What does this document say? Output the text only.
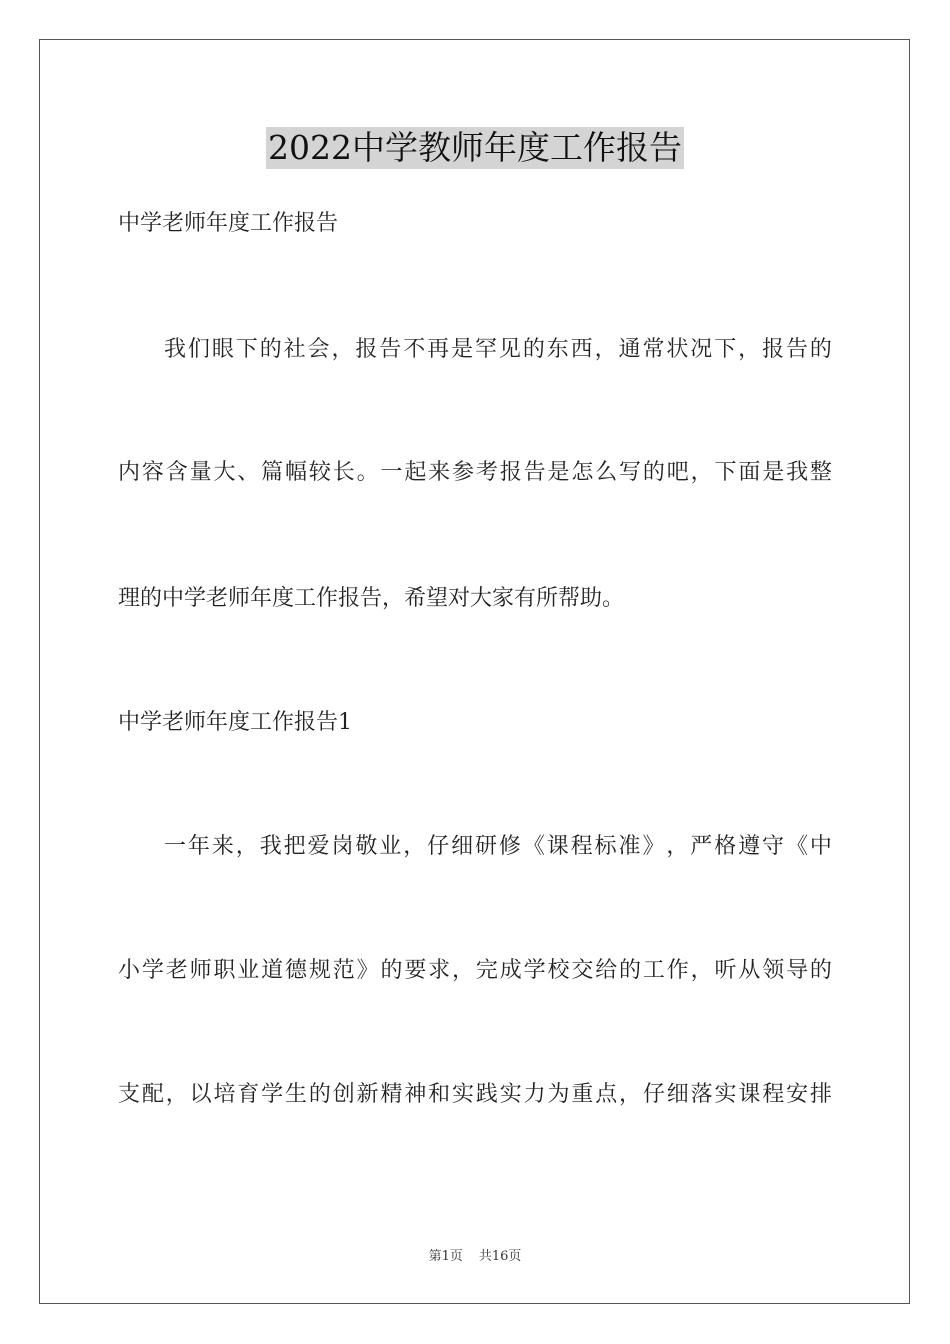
2022中学教师年度工作报告
中学老师年度工作报告
我 们 眼 下 的 社 会 ， 报 告 不 再 是 罕 见 的 东 西 ， 通 常 状 况 下 ， 报 告 的
内 容 含 量 大 、 篇 幅 较 长 。 一 起 来 参 考 报 告 是 怎 么 写 的 吧 ， 下 面 是 我 整
理的中学老师年度工作报告，希望对大家有所帮助。
中学老师年度工作报告1
一 年 来 ， 我 把 爱 岗 敬 业 ， 仔 细 研 修 《 课 程 标 准 》 ， 严 格 遵 守 《 中
小 学 老 师 职 业 道 德 规 范 》 的 要 求 ， 完 成 学 校 交 给 的 工 作 ， 听 从 领 导 的
支 配 ， 以 培 育 学 生 的 创 新 精 神 和 实 践 实 力 为 重 点 ， 仔 细 落 实 课 程 安 排
第1页 共16页
